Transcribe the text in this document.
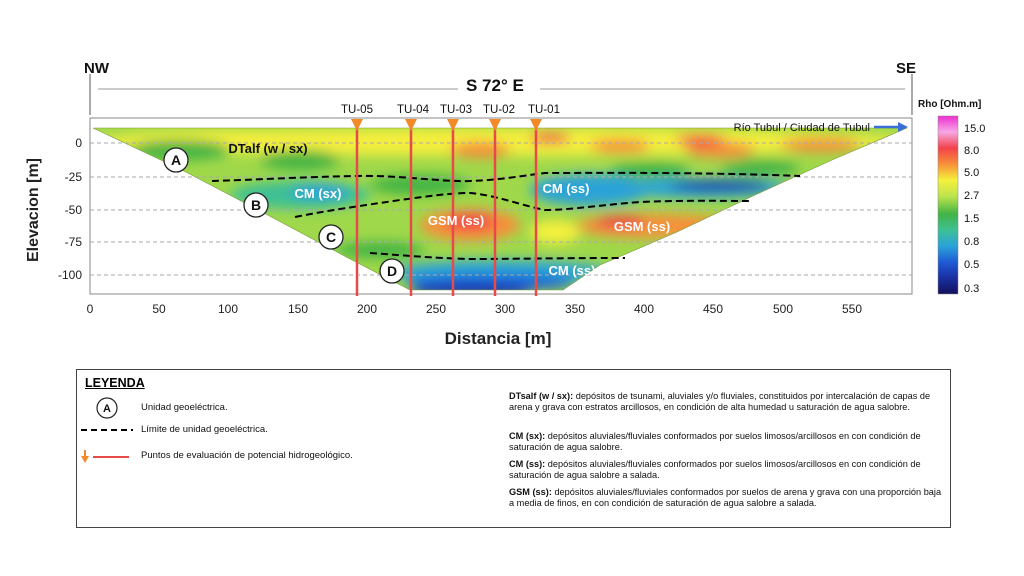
NW	SE
S 72° E
0
-25
-50
-75
-100
0	50	100	150	200	250	300	350	400	450	500	550
Elevacion [m]
Distancia [m]
TU-05 TU-04 TU-03 TU-02 TU-01
Río Tubul / Ciudad de Tubul
DTalf (w / sx)
CM (sx)	CM (ss)
GSM (ss)	GSM (ss)
CM (ss)
A
B
C
D
Rho [Ohm.m]
15.0
8.0
5.0
2.7
1.5
0.8
0.5
0.3
LEYENDA
A	Unidad geoeléctrica.
Límite de unidad geoeléctrica.
Puntos de evaluación de potencial hidrogeológico.
DTsalf (w / sx): depósitos de tsunami, aluviales y/o fluviales, constituidos por intercalación de capas de arena y grava con estratos arcillosos, en condición de alta humedad u saturación de agua salobre.
CM (sx): depósitos aluviales/fluviales conformados por suelos limosos/arcillosos en con condición de saturación de agua salobre.
CM (ss): depósitos aluviales/fluviales conformados por suelos limosos/arcillosos en con condición de saturación de agua salobre a salada.
GSM (ss): depósitos aluviales/fluviales conformados por suelos de arena y grava con una proporción baja a media de finos, en con condición de saturación de agua salobre a salada.
